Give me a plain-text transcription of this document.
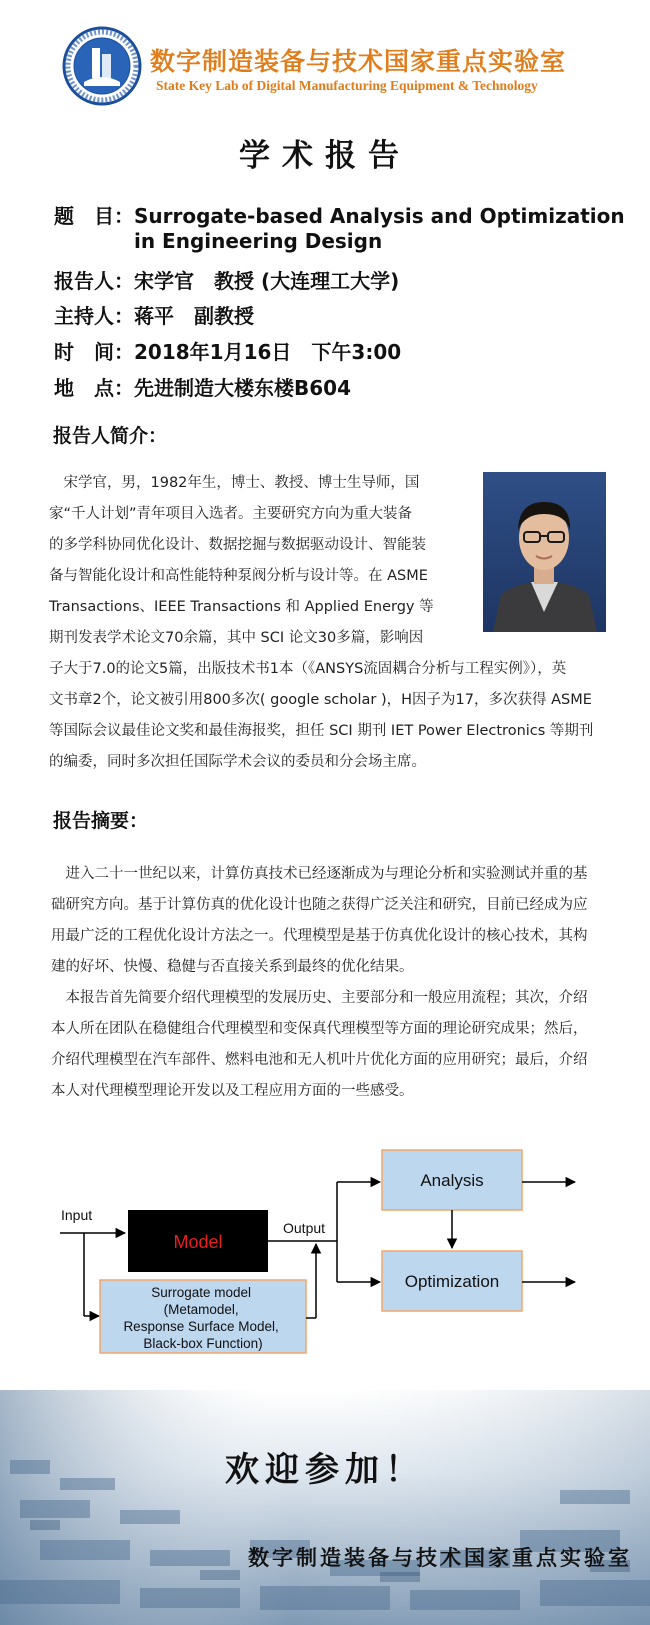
数字制造装备与技术国家重点实验室
State Key Lab of Digital Manufacturing Equipment & Technology
学术报告
题　目：Surrogate-based Analysis and Optimization
in Engineering Design
报告人：宋学官　教授 (大连理工大学)
主持人：蒋平　副教授
时　间：2018年1月16日　下午3:00
地　点：先进制造大楼东楼B604
报告人简介：
　宋学官，男，1982年生，博士、教授、博士生导师，国
家“千人计划”青年项目入选者。主要研究方向为重大装备
的多学科协同优化设计、数据挖掘与数据驱动设计、智能装
备与智能化设计和高性能特种泵阀分析与设计等。在 ASME
Transactions、IEEE Transactions 和 Applied Energy 等
期刊发表学术论文70余篇，其中 SCI 论文30多篇，影响因
子大于7.0的论文5篇，出版技术书1本（《ANSYS流固耦合分析与工程实例》），英
文书章2个，论文被引用800多次( google scholar )，H因子为17，多次获得 ASME
等国际会议最佳论文奖和最佳海报奖，担任 SCI 期刊 IET Power Electronics 等期刊
的编委，同时多次担任国际学术会议的委员和分会场主席。
报告摘要：
　进入二十一世纪以来，计算仿真技术已经逐渐成为与理论分析和实验测试并重的基
础研究方向。基于计算仿真的优化设计也随之获得广泛关注和研究，目前已经成为应
用最广泛的工程优化设计方法之一。代理模型是基于仿真优化设计的核心技术，其构
建的好坏、快慢、稳健与否直接关系到最终的优化结果。
　本报告首先简要介绍代理模型的发展历史、主要部分和一般应用流程；其次，介绍
本人所在团队在稳健组合代理模型和变保真代理模型等方面的理论研究成果；然后，
介绍代理模型在汽车部件、燃料电池和无人机叶片优化方面的应用研究；最后，介绍
本人对代理模型理论开发以及工程应用方面的一些感受。
Input
Model
Surrogate model (Metamodel, Response Surface Model, Black-box Function)
Output
Analysis
Optimization
欢迎参加！
数字制造装备与技术国家重点实验室
